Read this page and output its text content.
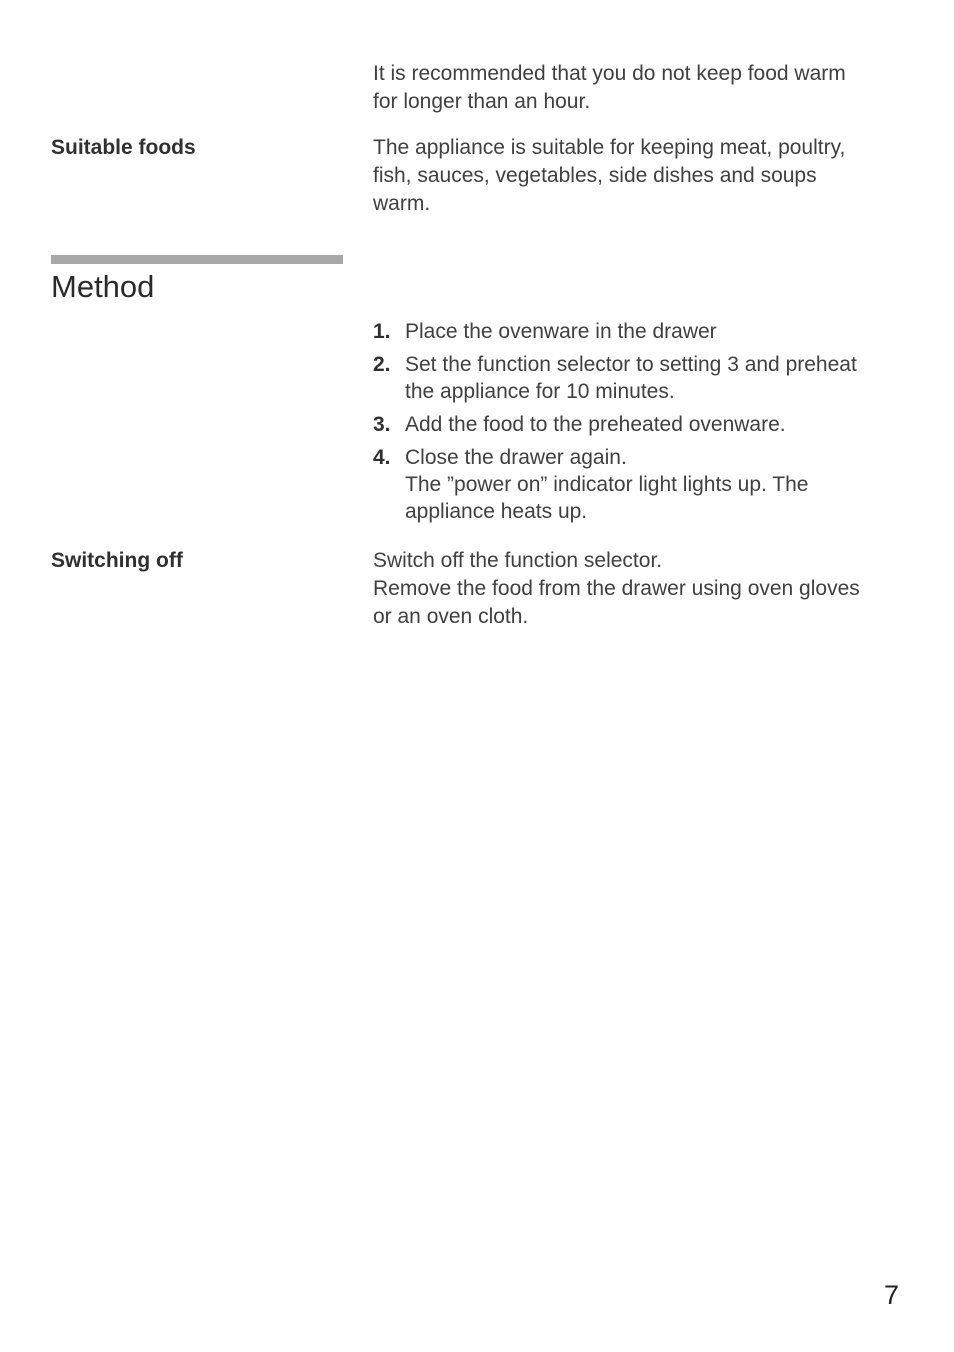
It is recommended that you do not keep food warm
for longer than an hour.
Suitable foods	The appliance is suitable for keeping meat, poultry,
fish, sauces, vegetables, side dishes and soups
warm.
Method
1. Place the ovenware in the drawer
2. Set the function selector to setting 3 and preheat
the appliance for 10 minutes.
3. Add the food to the preheated ovenware.
4. Close the drawer again.
The ”power on” indicator light lights up. The
appliance heats up.
Switching off	Switch off the function selector.
Remove the food from the drawer using oven gloves
or an oven cloth.
7
